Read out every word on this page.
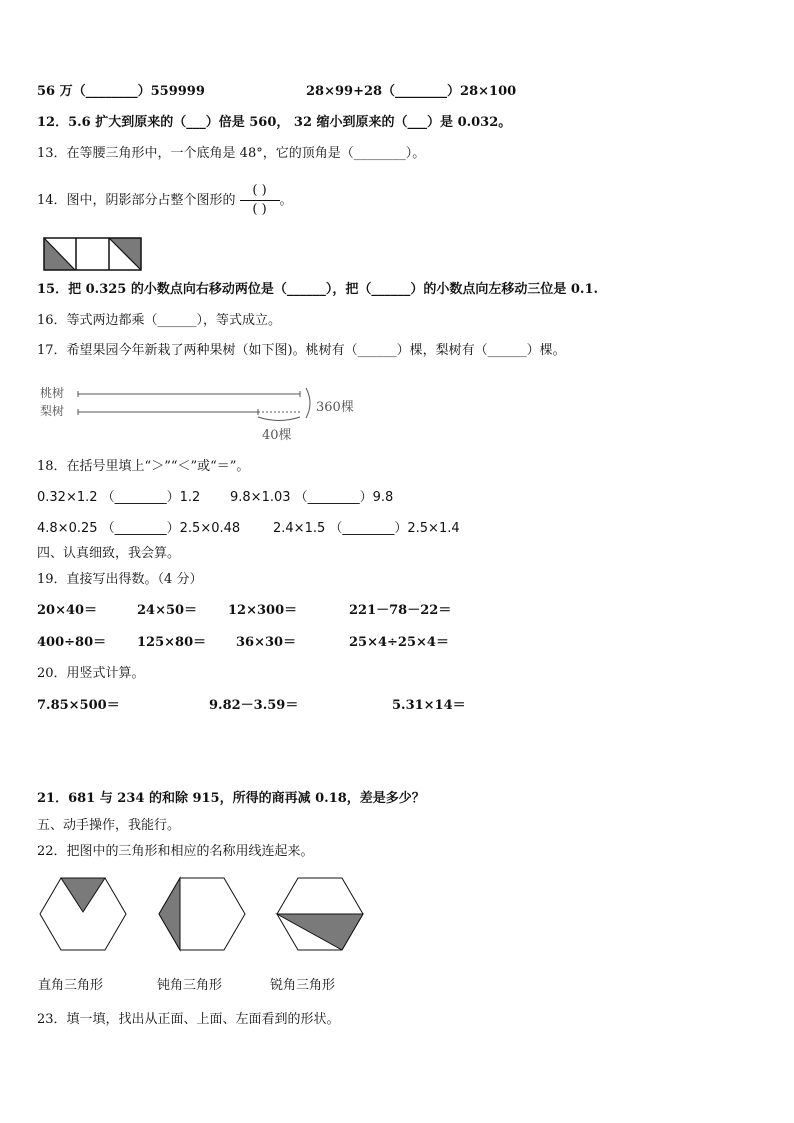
56 万（________）559999	28×99+28（________）28×100
12．5.6 扩大到原来的（___）倍是 560， 32 缩小到原来的（___）是 0.032。
13．在等腰三角形中，一个底角是 48°，它的顶角是（________）。
14．图中，阴影部分占整个图形的 $\frac{( )}{( )}$ 。
15．把 0.325 的小数点向右移动两位是（______），把（______）的小数点向左移动三位是 0.1.
16．等式两边都乘（______），等式成立。
17．希望果园今年新栽了两种果树（如下图)。桃树有（______）棵，梨树有（______）棵。
桃树
梨树	360棵
40棵
18．在括号里填上“＞”“＜”或“＝”。
0.32×1.2 （________）1.2 9.8×1.03 （________）9.8
4.8×0.25 （________）2.5×0.48	2.4×1.5 （________）2.5×1.4
四、认真细致，我会算。
19．直接写出得数。（4 分）
20×40＝	24×50＝ 12×300＝	221－78－22＝
400÷80＝ 125×80＝ 36×30＝	25×4÷25×4＝
20．用竖式计算。
7.85×500＝	9.82－3.59＝	5.31×14＝
21．681 与 234 的和除 915，所得的商再减 0.18，差是多少？
五、动手操作，我能行。
22．把图中的三角形和相应的名称用线连起来。
直角三角形	钝角三角形	锐角三角形
23．填一填，找出从正面、上面、左面看到的形状。
